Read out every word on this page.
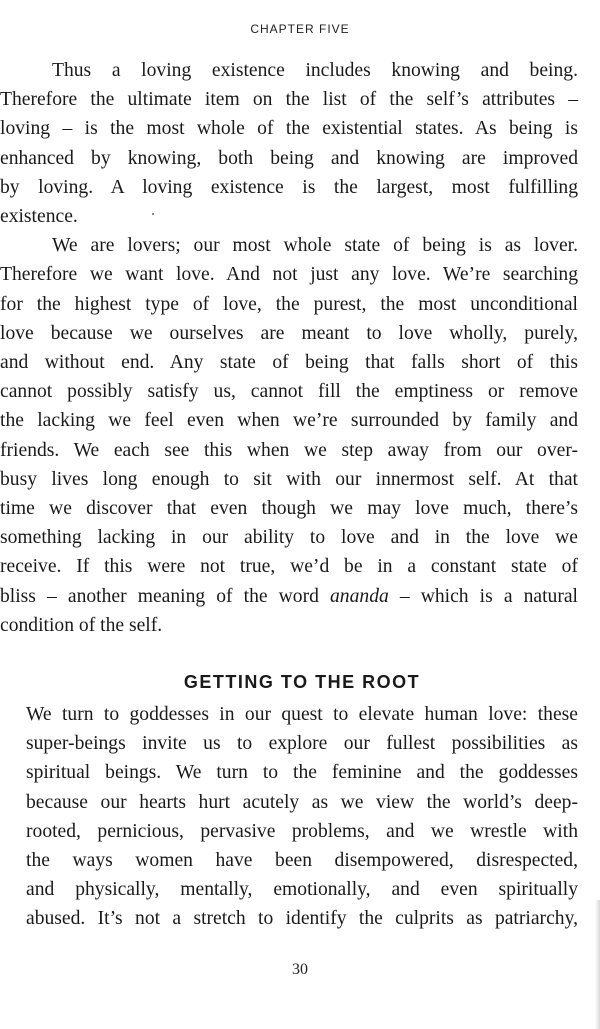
CHAPTER FIVE

Thus a loving existence includes knowing and being.
Therefore the ultimate item on the list of the self’s attributes –
loving – is the most whole of the existential states. As being is
enhanced by knowing, both being and knowing are improved
by loving. A loving existence is the largest, most fulfilling
existence.

We are lovers; our most whole state of being is as lover.
Therefore we want love. And not just any love. We’re searching
for the highest type of love, the purest, the most unconditional
love because we ourselves are meant to love wholly, purely,
and without end. Any state of being that falls short of this
cannot possibly satisfy us, cannot fill the emptiness or remove
the lacking we feel even when we’re surrounded by family and
friends. We each see this when we step away from our over-
busy lives long enough to sit with our innermost self. At that
time we discover that even though we may love much, there’s
something lacking in our ability to love and in the love we
receive. If this were not true, we’d be in a constant state of
bliss – another meaning of the word ananda – which is a natural
condition of the self.

GETTING TO THE ROOT

We turn to goddesses in our quest to elevate human love: these
super-beings invite us to explore our fullest possibilities as
spiritual beings. We turn to the feminine and the goddesses
because our hearts hurt acutely as we view the world’s deep-
rooted, pernicious, pervasive problems, and we wrestle with
the ways women have been disempowered, disrespected,
and physically, mentally, emotionally, and even spiritually
abused. It’s not a stretch to identify the culprits as patriarchy,

30
